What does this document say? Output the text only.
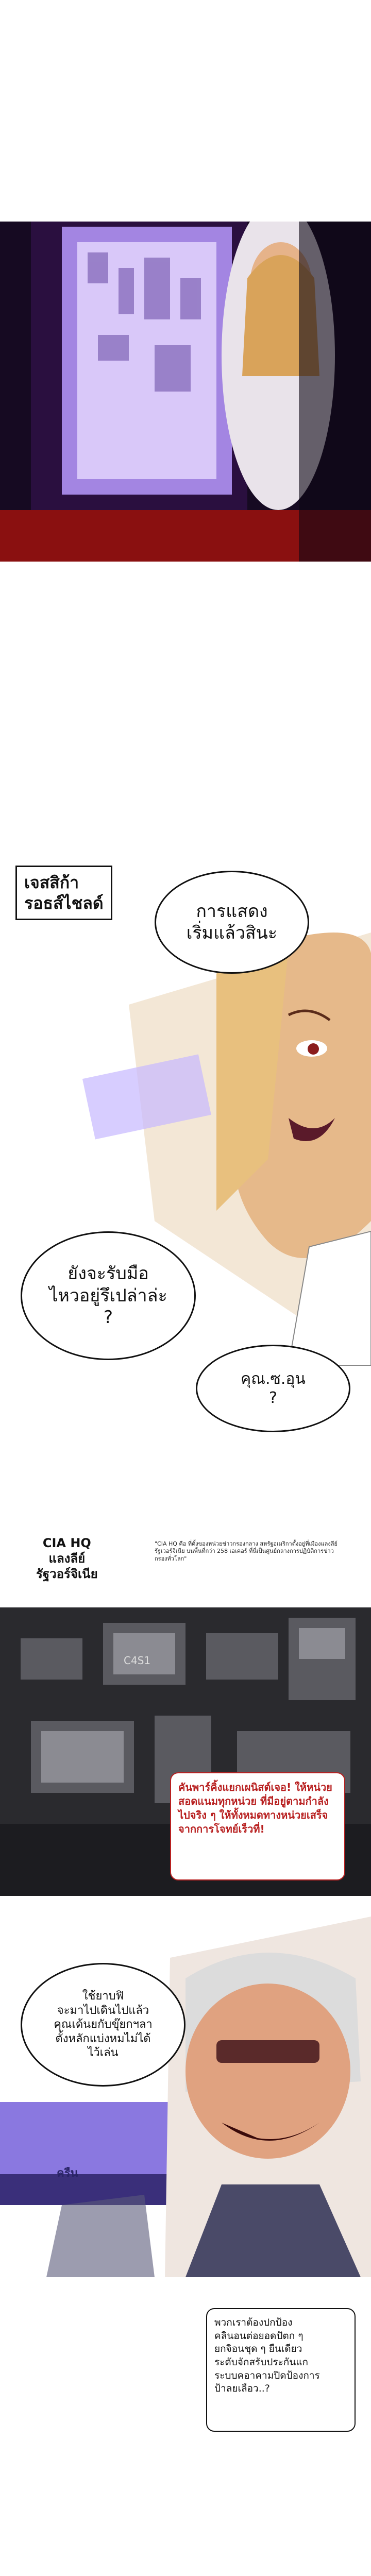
เจสสิก้า
รอธส์ไชลด์	การแสดง
เริ่มแล้วสินะ
ยังจะรับมือ
ไหวอยู่รึเปล่าล่ะ
?
คุณ.ซ.อุน
?
CIA HQ
แลงลีย์
รัฐวอร์จิเนีย
"CIA HQ คือ ที่ตั้งของหน่วยข่าวกรองกลาง สหรัฐอเมริกาตั้งอยู่ที่เมืองแลงลีย์ รัฐเวอร์จิเนีย บนพื้นที่กว่า 258 เอเคอร์ ที่นี่เป็นศูนย์กลางการปฏิบัติการข่าวกรองทั่วโลก"
C4S1
คันพาร์คิ้งแยกเผนิสต์เจอ! ให้หน่วยสอดแนมทุกหน่วย ที่มีอยู่ตามกำลังไปจริง ๆ ให้ทั้งหมดทางหน่วยเสร็จ จากการโจทย์เร็วที่!
ใช้ยาบฟิ
จะมาไปเดินไปแล้ว
คุณเด้นยกับขุ๊ยกฯลา
ตั้งหลักแบ่งหมไม่ได้
ไว้เล่น
ครืน
พวกเราต้องปกป้อง
คลินอนต่อยอดปัตก ๆ
ยกจิอนชุด ๆ ยืนเดียว
ระดับจักสรับประกันแก
ระบบคอาคามปิดป้องการ
ป้าลยเลือว..?
